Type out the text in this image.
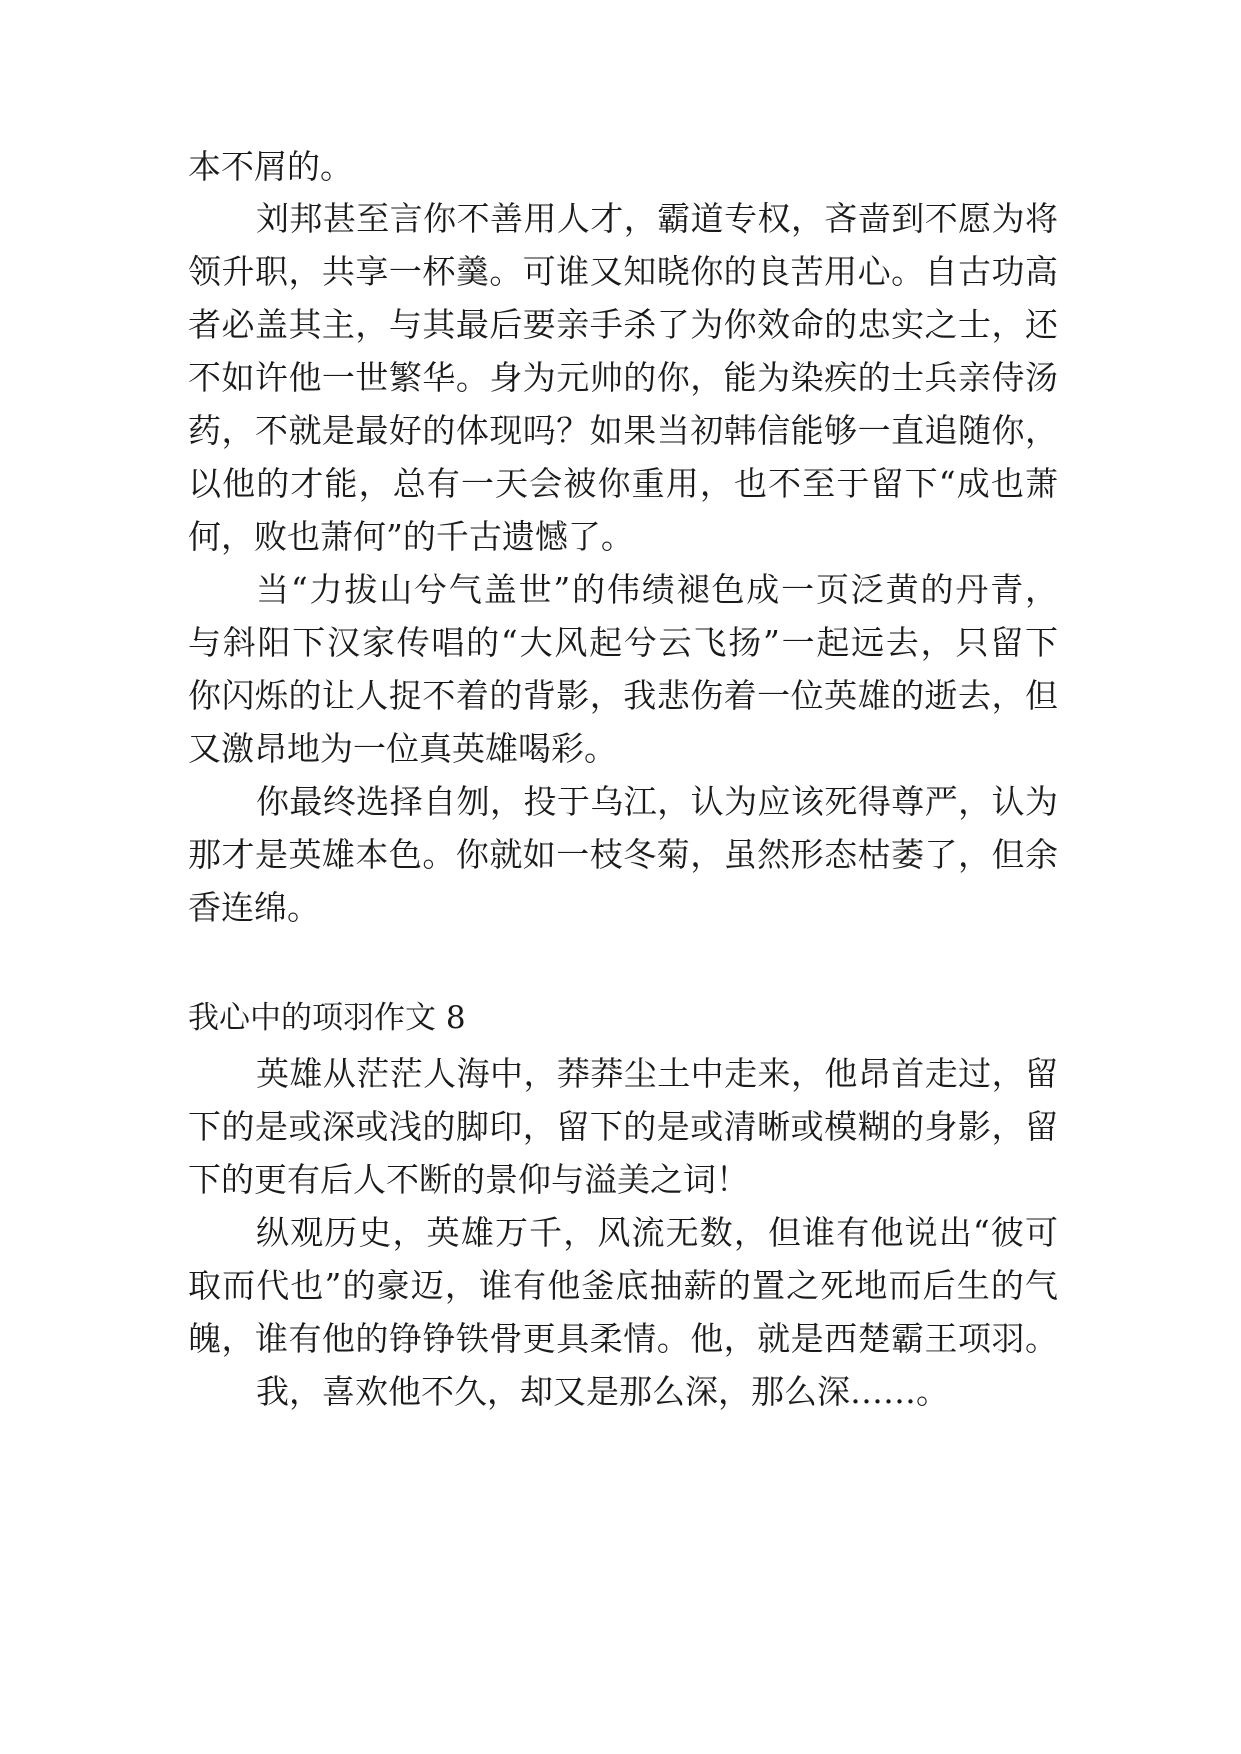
本不屑的。
刘邦甚至言你不善用人才，霸道专权，吝啬到不愿为将
领升职，共享一杯羹。可谁又知晓你的良苦用心。自古功高
者必盖其主，与其最后要亲手杀了为你效命的忠实之士，还
不如许他一世繁华。身为元帅的你，能为染疾的士兵亲侍汤
药，不就是最好的体现吗？如果当初韩信能够一直追随你，
以他的才能，总有一天会被你重用，也不至于留下“成也萧
何，败也萧何”的千古遗憾了。
当“力拔山兮气盖世”的伟绩褪色成一页泛黄的丹青，
与斜阳下汉家传唱的“大风起兮云飞扬”一起远去，只留下
你闪烁的让人捉不着的背影，我悲伤着一位英雄的逝去，但
又激昂地为一位真英雄喝彩。
你最终选择自刎，投于乌江，认为应该死得尊严，认为
那才是英雄本色。你就如一枝冬菊，虽然形态枯萎了，但余
香连绵。
我心中的项羽作文 8
英雄从茫茫人海中，莽莽尘土中走来，他昂首走过，留
下的是或深或浅的脚印，留下的是或清晰或模糊的身影，留
下的更有后人不断的景仰与溢美之词！
纵观历史，英雄万千，风流无数，但谁有他说出“彼可
取而代也”的豪迈，谁有他釜底抽薪的置之死地而后生的气
魄，谁有他的铮铮铁骨更具柔情。他，就是西楚霸王项羽。
我，喜欢他不久，却又是那么深，那么深……。
